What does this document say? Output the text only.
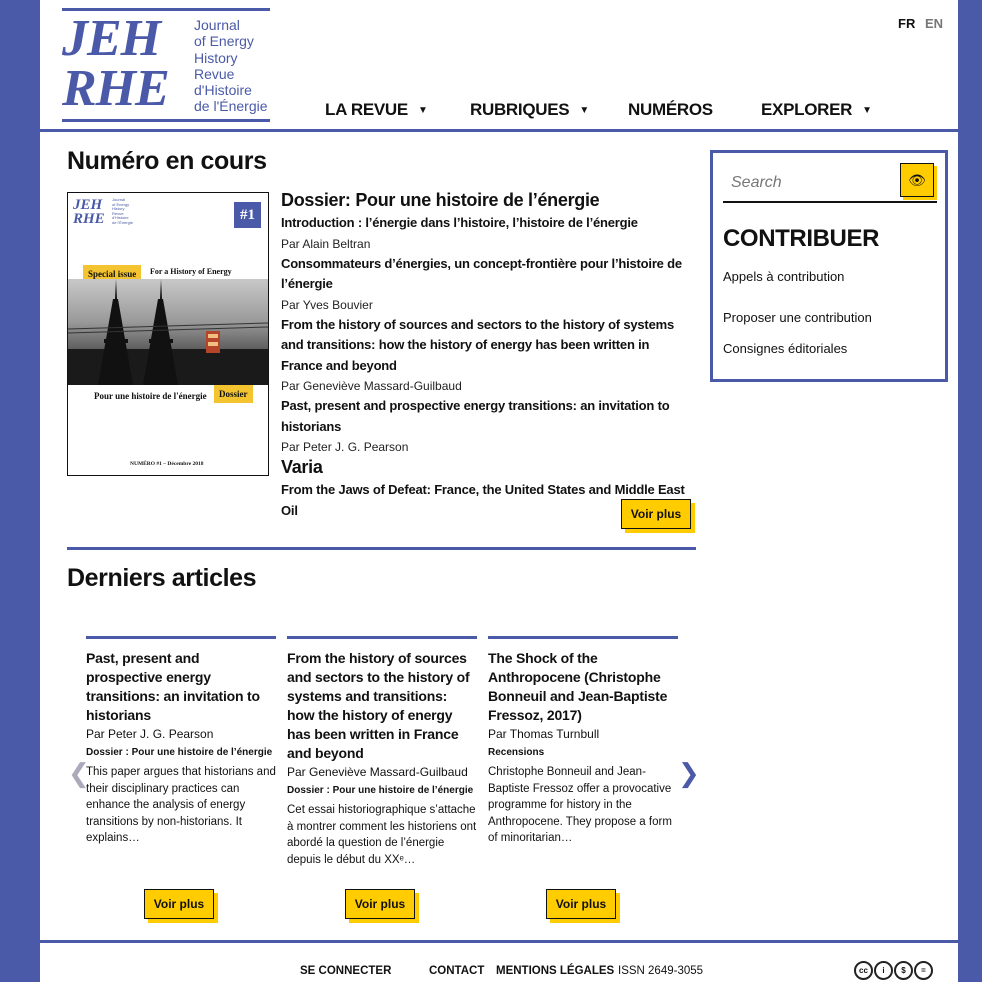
JEH
RHE
Journal
of Energy
History
Revue
d'Histoire
de l'Énergie
FR EN
LA REVUE ▼ RUBRIQUES ▼ NUMÉROS	EXPLORER ▼
Numéro en cours
JEH
RHE
Journal
of Energy
History
Revue
d'Histoire
de l'Énergie	#1
Special issue	For a History of Energy
Pour une histoire de l'énergie	Dossier
NUMÉRO #1 – Décembre 2018
Dossier: Pour une histoire de l’énergie
Introduction : l’énergie dans l’histoire, l’histoire de l’énergie
Par Alain Beltran
Consommateurs d’énergies, un concept-frontière pour l’histoire de l’énergie
Par Yves Bouvier
From the history of sources and sectors to the history of systems and transitions: how the history of energy has been written in France and beyond
Par Geneviève Massard-Guilbaud
Past, present and prospective energy transitions: an invitation to historians
Par Peter J. G. Pearson
Varia
From the Jaws of Defeat: France, the United States and Middle East Oil	Voir plus
Search
👁
CONTRIBUER
Appels à contribution
Proposer une contribution
Consignes éditoriales
Derniers articles
❮	❯
Past, present and prospective energy transitions: an invitation to historians
Par Peter J. G. Pearson
Dossier : Pour une histoire de l’énergie
This paper argues that historians and their disciplinary practices can enhance the analysis of energy transitions by non-historians. It explains…
From the history of sources and sectors to the history of systems and transitions: how the history of energy has been written in France and beyond
Par Geneviève Massard-Guilbaud
Dossier : Pour une histoire de l’énergie
Cet essai historiographique s’attache à montrer comment les historiens ont abordé la question de l’énergie depuis le début du XXᵉ…
The Shock of the Anthropocene (Christophe Bonneuil and Jean-Baptiste Fressoz, 2017)
Par Thomas Turnbull
Recensions
Christophe Bonneuil and Jean-Baptiste Fressoz offer a provocative programme for history in the Anthropocene. They propose a form of minoritarian…
Voir plus	Voir plus	Voir plus
SE CONNECTER	CONTACT MENTIONS LÉGALES ISSN 2649-3055	cc	i	$	=
